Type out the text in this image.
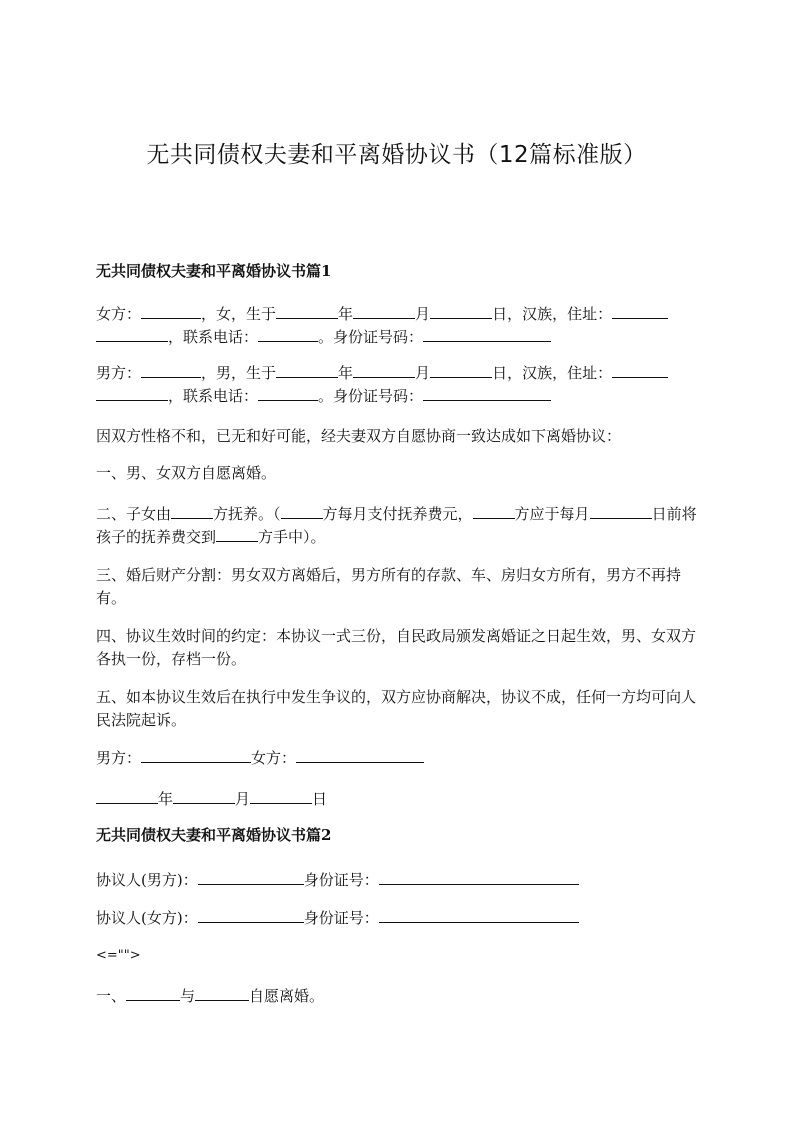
无共同债权夫妻和平离婚协议书（12篇标准版）
无共同债权夫妻和平离婚协议书篇1
女方：	，女，生于	年	月	日，汉族，住址：
，联系电话：	。身份证号码：
男方：	，男，生于	年	月	日，汉族，住址：
，联系电话：	。身份证号码：
因双方性格不和，已无和好可能，经夫妻双方自愿协商一致达成如下离婚协议：
一、男、女双方自愿离婚。
二、子女由	方抚养。（	方每月支付抚养费元，	方应于每月	日前将孩子的抚养费交到	方手中）。
三、婚后财产分割：男女双方离婚后，男方所有的存款、车、房归女方所有，男方不再持有。
四、协议生效时间的约定：本协议一式三份，自民政局颁发离婚证之日起生效，男、女双方各执一份，存档一份。
五、如本协议生效后在执行中发生争议的，双方应协商解决，协议不成，任何一方均可向人民法院起诉。
男方：	女方：
年	月	日
无共同债权夫妻和平离婚协议书篇2
协议人(男方)：	身份证号：
协议人(女方)：	身份证号：
<="">
一、	与	自愿离婚。
